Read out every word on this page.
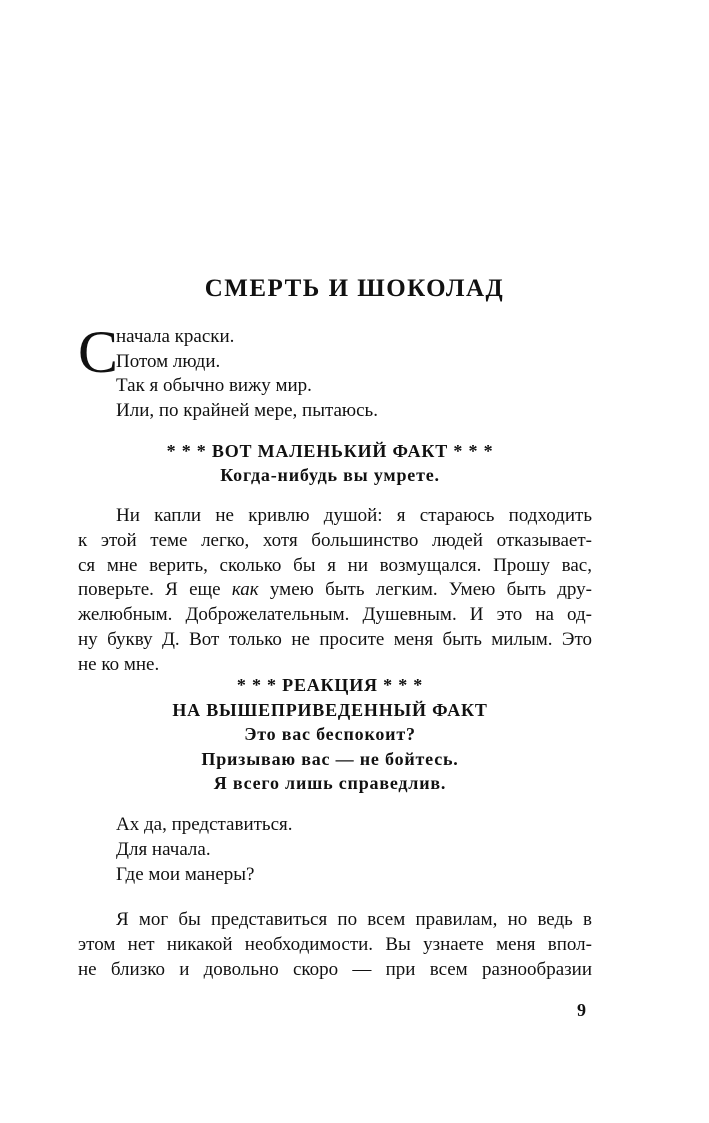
СМЕРТЬ И ШОКОЛАД
С
начала краски.
Потом люди.
Так я обычно вижу мир.
Или, по крайней мере, пытаюсь.
* * * ВОТ МАЛЕНЬКИЙ ФАКТ * * *
Когда-нибудь вы умрете.
Ни капли не кривлю душой: я стараюсь подходить
к этой теме легко, хотя большинство людей отказывает-
ся мне верить, сколько бы я ни возмущался. Прошу вас,
поверьте. Я еще как умею быть легким. Умею быть дру-
желюбным. Доброжелательным. Душевным. И это на од-
ну букву Д. Вот только не просите меня быть милым. Это
не ко мне.
* * * РЕАКЦИЯ * * *
НА ВЫШЕПРИВЕДЕННЫЙ ФАКТ
Это вас беспокоит?
Призываю вас — не бойтесь.
Я всего лишь справедлив.
Ах да, представиться.
Для начала.
Где мои манеры?
Я мог бы представиться по всем правилам, но ведь в
этом нет никакой необходимости. Вы узнаете меня впол-
не близко и довольно скоро — при всем разнообразии
9
